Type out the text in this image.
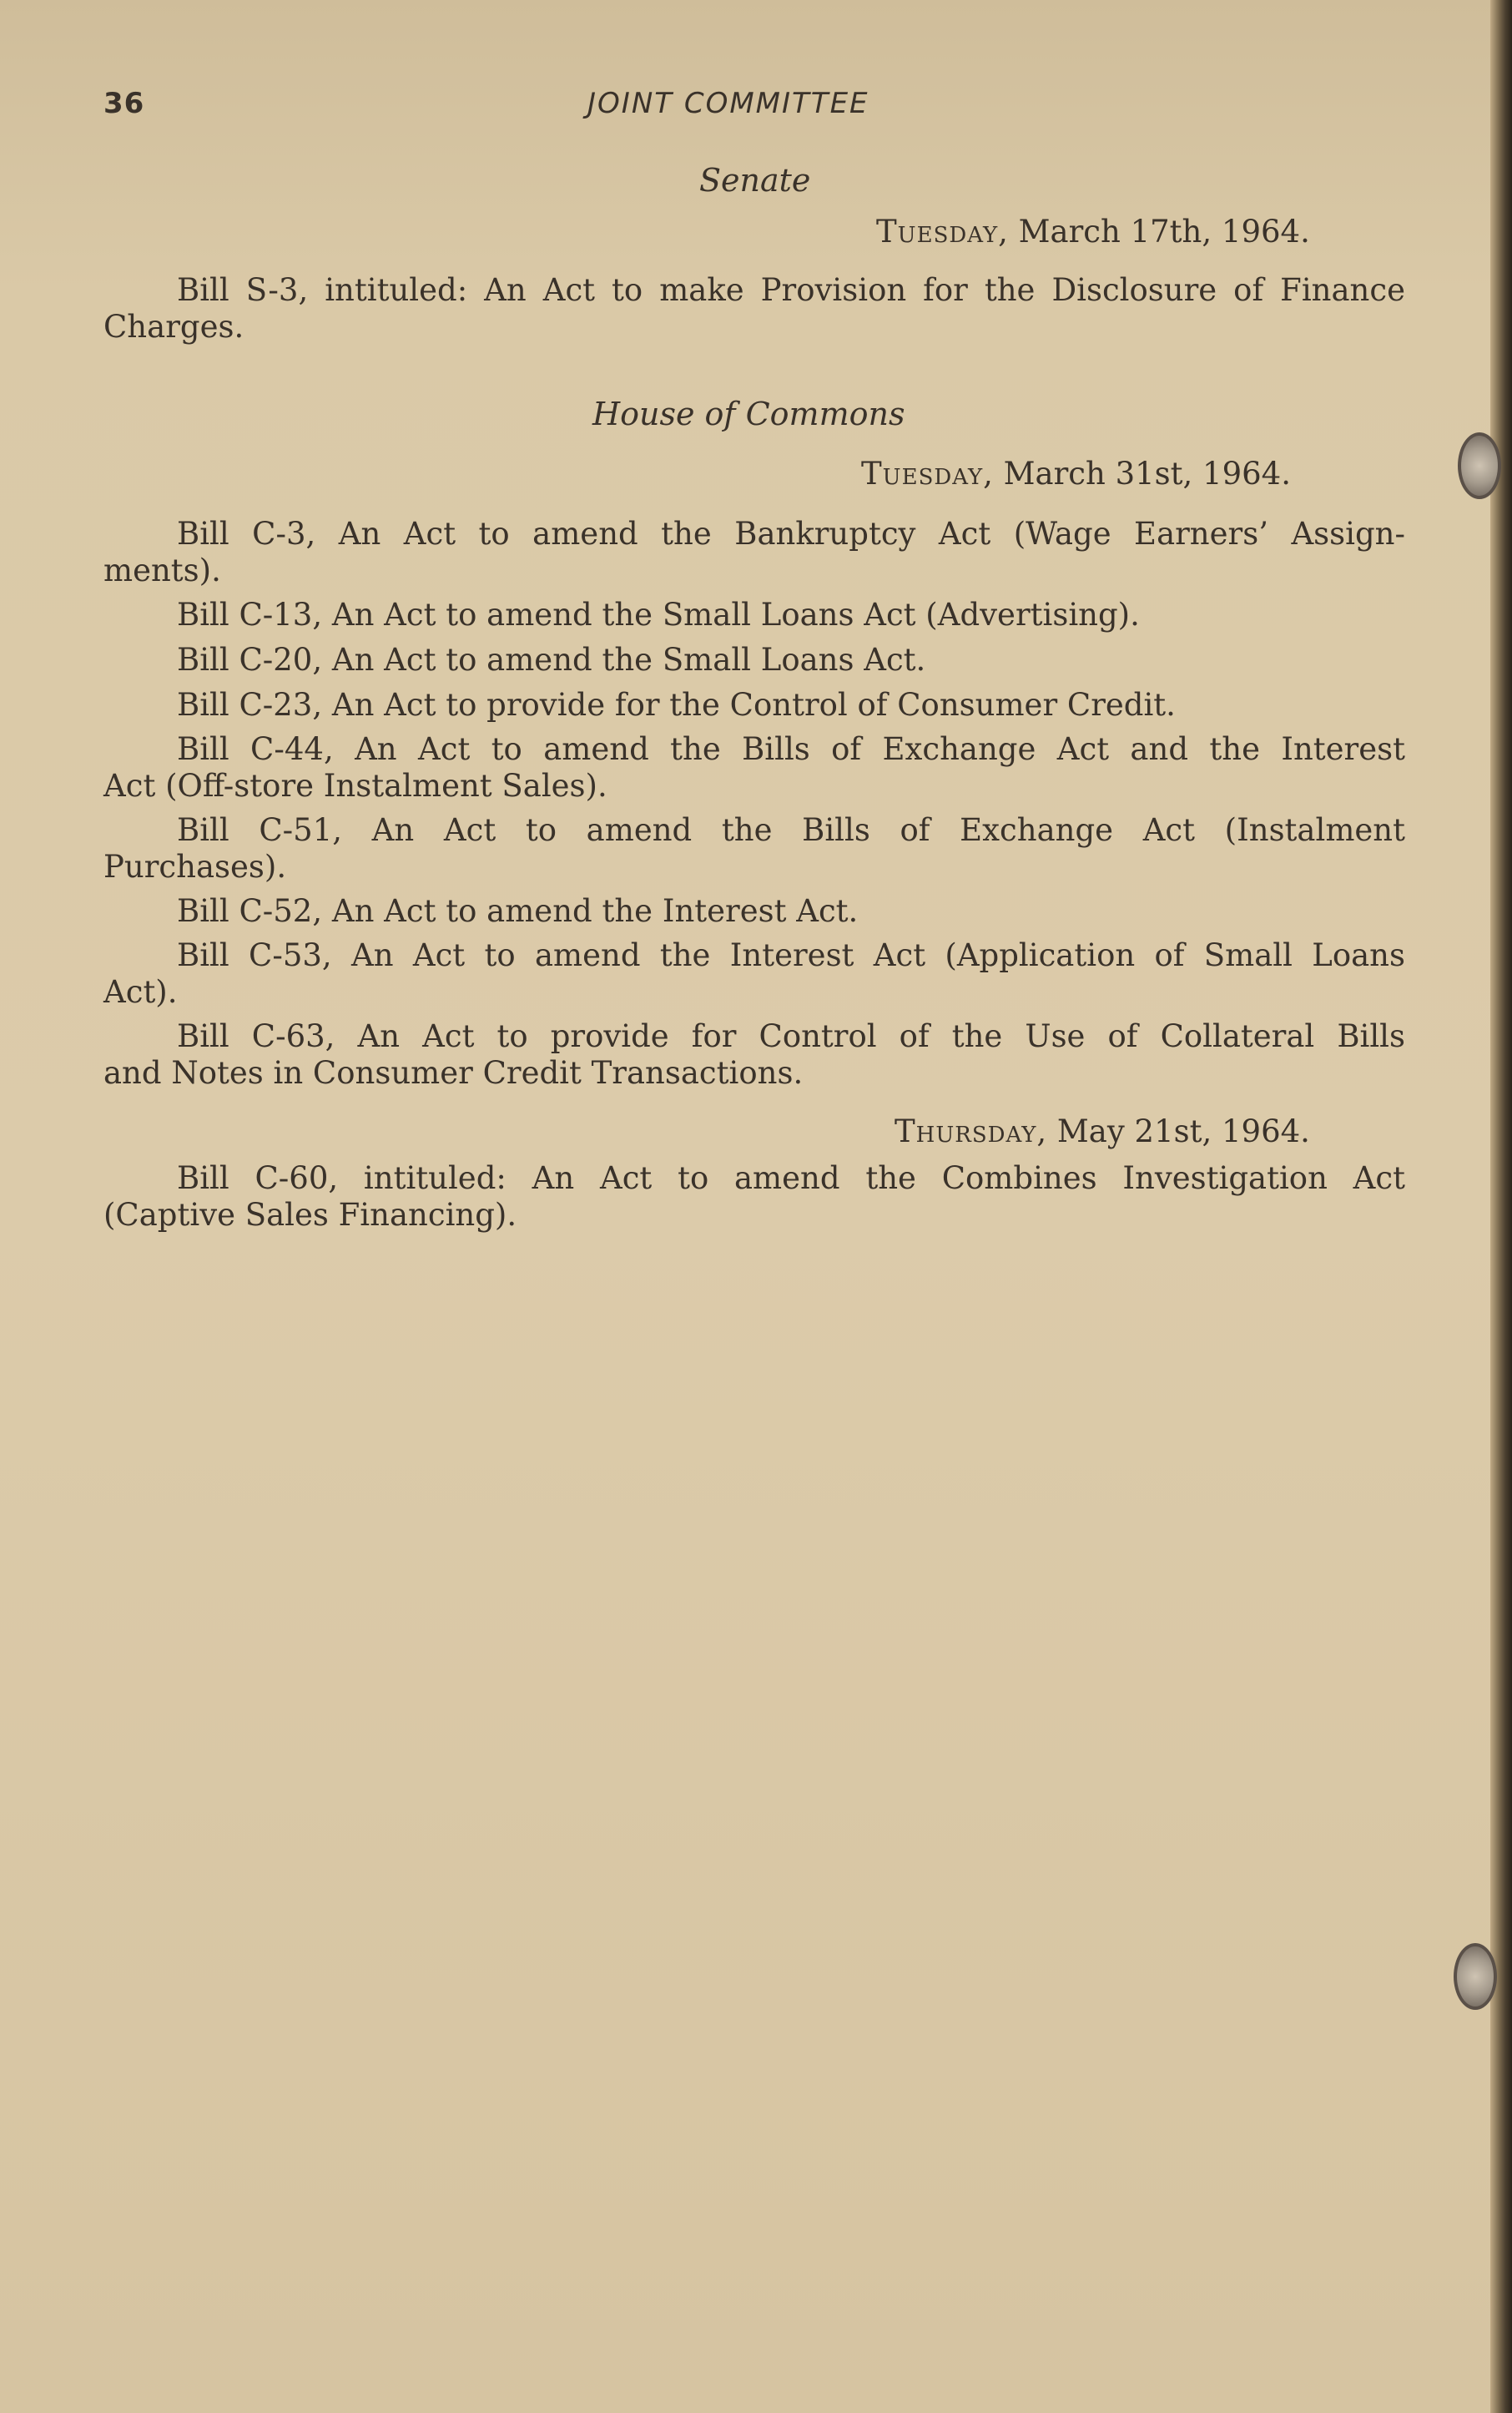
36	JOINT COMMITTEE
Senate
Tuesday, March 17th, 1964.
Bill S-3, intituled: An Act to make Provision for the Disclosure of Finance
Charges.
House of Commons
Tuesday, March 31st, 1964.
Bill C-3, An Act to amend the Bankruptcy Act (Wage Earners’ Assign-
ments).
Bill C-13, An Act to amend the Small Loans Act (Advertising).
Bill C-20, An Act to amend the Small Loans Act.
Bill C-23, An Act to provide for the Control of Consumer Credit.
Bill C-44, An Act to amend the Bills of Exchange Act and the Interest
Act (Off-store Instalment Sales).
Bill C-51, An Act to amend the Bills of Exchange Act (Instalment
Purchases).
Bill C-52, An Act to amend the Interest Act.
Bill C-53, An Act to amend the Interest Act (Application of Small Loans
Act).
Bill C-63, An Act to provide for Control of the Use of Collateral Bills
and Notes in Consumer Credit Transactions.
Thursday, May 21st, 1964.
Bill C-60, intituled: An Act to amend the Combines Investigation Act
(Captive Sales Financing).
